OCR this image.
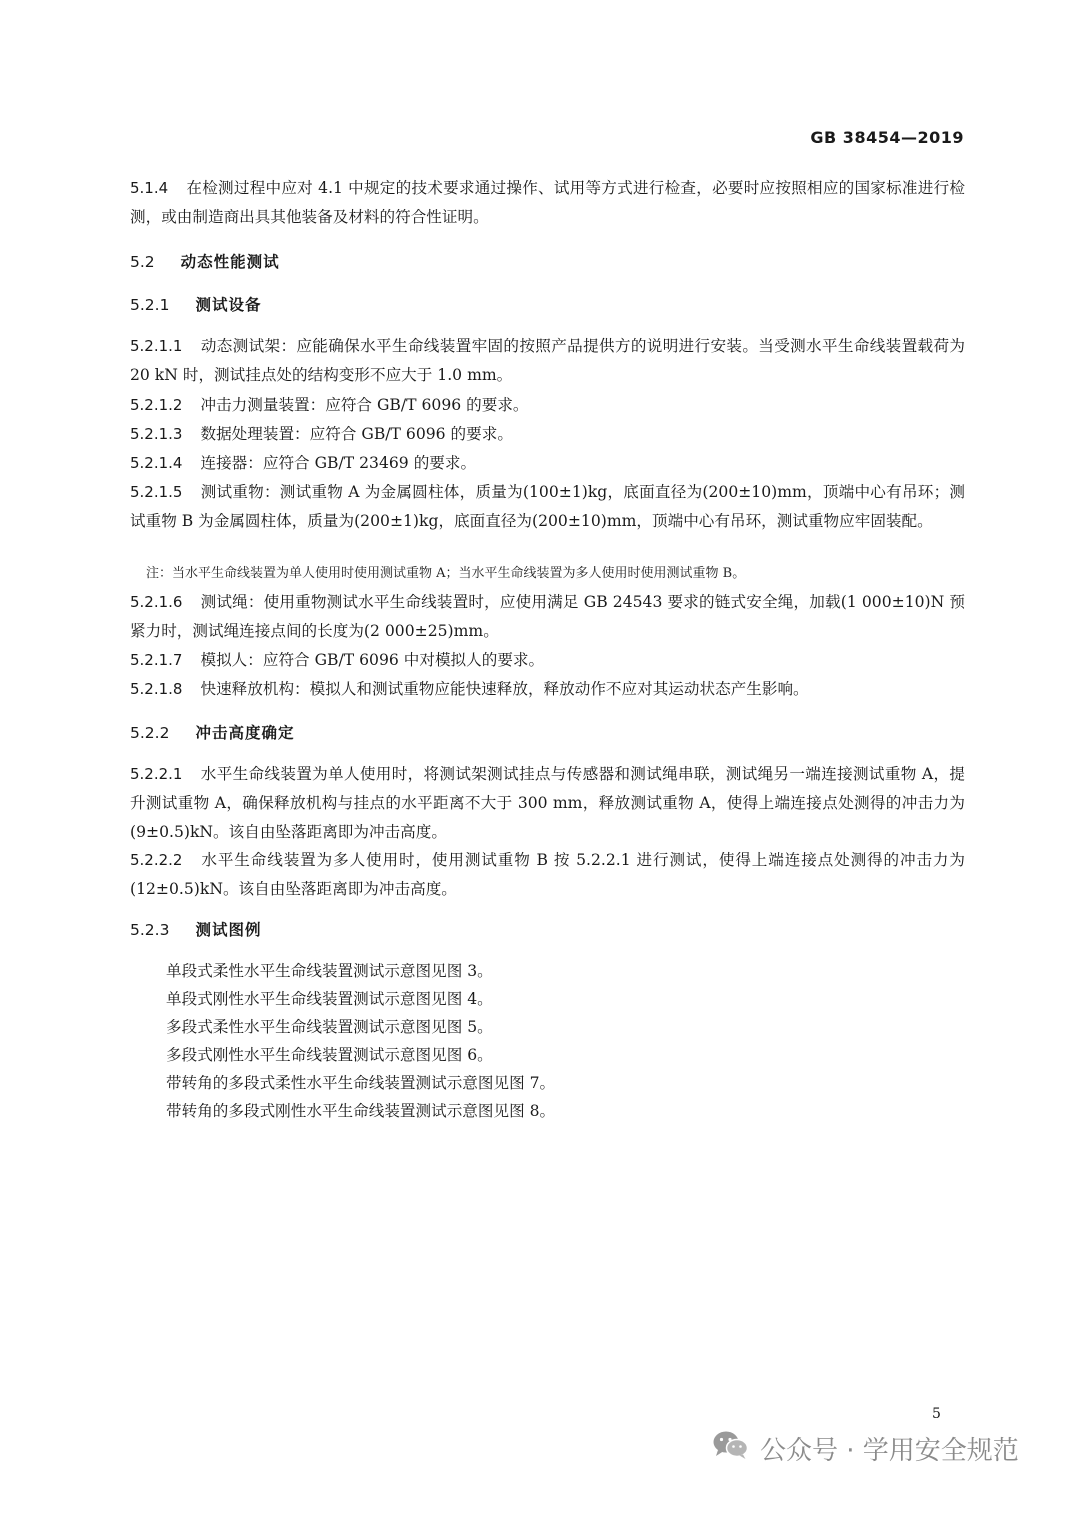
GB 38454—2019
5.1.4 在检测过程中应对 4.1 中规定的技术要求通过操作、试用等方式进行检查，必要时应按照相应的国家标准进行检测，或由制造商出具其他装备及材料的符合性证明。
5.2 动态性能测试
5.2.1 测试设备
5.2.1.1 动态测试架：应能确保水平生命线装置牢固的按照产品提供方的说明进行安装。当受测水平生命线装置载荷为 20 kN 时，测试挂点处的结构变形不应大于 1.0 mm。
5.2.1.2 冲击力测量装置：应符合 GB/T 6096 的要求。
5.2.1.3 数据处理装置：应符合 GB/T 6096 的要求。
5.2.1.4 连接器：应符合 GB/T 23469 的要求。
5.2.1.5 测试重物：测试重物 A 为金属圆柱体，质量为(100±1)kg，底面直径为(200±10)mm，顶端中心有吊环；测试重物 B 为金属圆柱体，质量为(200±1)kg，底面直径为(200±10)mm，顶端中心有吊环，测试重物应牢固装配。
注：当水平生命线装置为单人使用时使用测试重物 A；当水平生命线装置为多人使用时使用测试重物 B。
5.2.1.6 测试绳：使用重物测试水平生命线装置时，应使用满足 GB 24543 要求的链式安全绳，加载(1 000±10)N 预紧力时，测试绳连接点间的长度为(2 000±25)mm。
5.2.1.7 模拟人：应符合 GB/T 6096 中对模拟人的要求。
5.2.1.8 快速释放机构：模拟人和测试重物应能快速释放，释放动作不应对其运动状态产生影响。
5.2.2 冲击高度确定
5.2.2.1 水平生命线装置为单人使用时，将测试架测试挂点与传感器和测试绳串联，测试绳另一端连接测试重物 A，提升测试重物 A，确保释放机构与挂点的水平距离不大于 300 mm，释放测试重物 A，使得上端连接点处测得的冲击力为(9±0.5)kN。该自由坠落距离即为冲击高度。
5.2.2.2 水平生命线装置为多人使用时，使用测试重物 B 按 5.2.2.1 进行测试，使得上端连接点处测得的冲击力为(12±0.5)kN。该自由坠落距离即为冲击高度。
5.2.3 测试图例
单段式柔性水平生命线装置测试示意图见图 3。
单段式刚性水平生命线装置测试示意图见图 4。
多段式柔性水平生命线装置测试示意图见图 5。
多段式刚性水平生命线装置测试示意图见图 6。
带转角的多段式柔性水平生命线装置测试示意图见图 7。
带转角的多段式刚性水平生命线装置测试示意图见图 8。
5
公众号 · 学用安全规范
